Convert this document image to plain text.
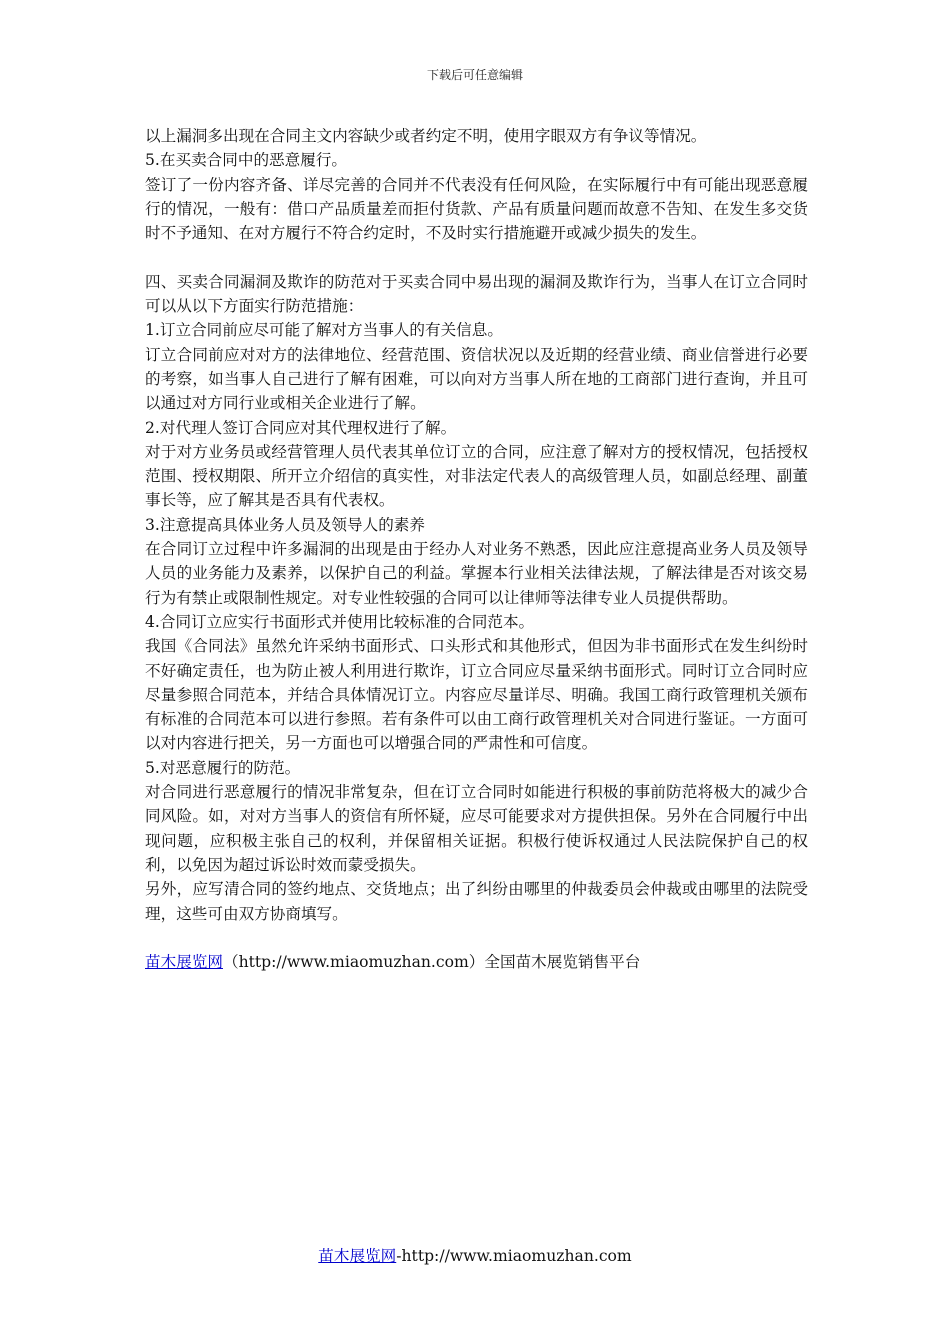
下载后可任意编辑

以上漏洞多出现在合同主文内容缺少或者约定不明，使用字眼双方有争议等情况。

5.在买卖合同中的恶意履行。

签订了一份内容齐备、详尽完善的合同并不代表没有任何风险，在实际履行中有可能出现恶意履行的情况，一般有：借口产品质量差而拒付货款、产品有质量问题而故意不告知、在发生多交货时不予通知、在对方履行不符合约定时，不及时实行措施避开或减少损失的发生。

四、买卖合同漏洞及欺诈的防范对于买卖合同中易出现的漏洞及欺诈行为，当事人在订立合同时可以从以下方面实行防范措施：

1.订立合同前应尽可能了解对方当事人的有关信息。

订立合同前应对对方的法律地位、经营范围、资信状况以及近期的经营业绩、商业信誉进行必要的考察，如当事人自己进行了解有困难，可以向对方当事人所在地的工商部门进行查询，并且可以通过对方同行业或相关企业进行了解。

2.对代理人签订合同应对其代理权进行了解。

对于对方业务员或经营管理人员代表其单位订立的合同，应注意了解对方的授权情况，包括授权范围、授权期限、所开立介绍信的真实性，对非法定代表人的高级管理人员，如副总经理、副董事长等，应了解其是否具有代表权。

3.注意提高具体业务人员及领导人的素养

在合同订立过程中许多漏洞的出现是由于经办人对业务不熟悉，因此应注意提高业务人员及领导人员的业务能力及素养，以保护自己的利益。掌握本行业相关法律法规，了解法律是否对该交易行为有禁止或限制性规定。对专业性较强的合同可以让律师等法律专业人员提供帮助。

4.合同订立应实行书面形式并使用比较标准的合同范本。

我国《合同法》虽然允许采纳书面形式、口头形式和其他形式，但因为非书面形式在发生纠纷时不好确定责任，也为防止被人利用进行欺诈，订立合同应尽量采纳书面形式。同时订立合同时应尽量参照合同范本，并结合具体情况订立。内容应尽量详尽、明确。我国工商行政管理机关颁布有标准的合同范本可以进行参照。若有条件可以由工商行政管理机关对合同进行鉴证。一方面可以对内容进行把关，另一方面也可以增强合同的严肃性和可信度。

5.对恶意履行的防范。

对合同进行恶意履行的情况非常复杂，但在订立合同时如能进行积极的事前防范将极大的减少合同风险。如，对对方当事人的资信有所怀疑，应尽可能要求对方提供担保。另外在合同履行中出现问题，应积极主张自己的权利，并保留相关证据。积极行使诉权通过人民法院保护自己的权利，以免因为超过诉讼时效而蒙受损失。

另外，应写清合同的签约地点、交货地点；出了纠纷由哪里的仲裁委员会仲裁或由哪里的法院受理，这些可由双方协商填写。

苗木展览网（http://www.miaomuzhan.com）全国苗木展览销售平台

苗木展览网-http://www.miaomuzhan.com
